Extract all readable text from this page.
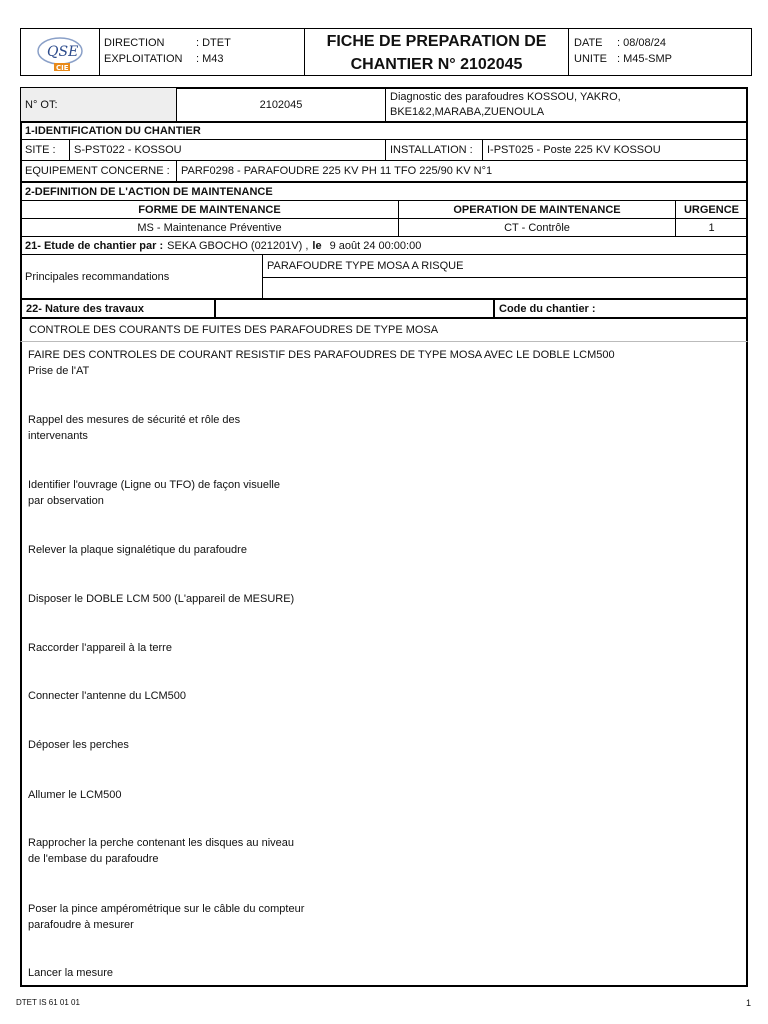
QSE
CIE
DIRECTION	: DTET
EXPLOITATION : M43
FICHE DE PREPARATION DE
CHANTIER N° 2102045
DATE : 08/08/24
UNITE : M45-SMP
N° OT:	2102045
Diagnostic des parafoudres KOSSOU, YAKRO,
BKE1&2,MARABA,ZUENOULA
1-IDENTIFICATION DU CHANTIER
SITE : S-PST022 - KOSSOU	INSTALLATION : I-PST025 - Poste 225 KV KOSSOU
EQUIPEMENT CONCERNE : PARF0298 - PARAFOUDRE 225 KV PH 11 TFO 225/90 KV N°1
2-DEFINITION DE L'ACTION DE MAINTENANCE
FORME DE MAINTENANCE	OPERATION DE MAINTENANCE	URGENCE
MS - Maintenance Préventive	CT - Contrôle	1
21- Etude de chantier par : SEKA GBOCHO (021201V) , le 9 août 24 00:00:00
Principales recommandations
PARAFOUDRE TYPE MOSA A RISQUE
22- Nature des travaux	Code du chantier :
CONTROLE DES COURANTS DE FUITES DES PARAFOUDRES DE TYPE MOSA
FAIRE DES CONTROLES DE COURANT RESISTIF DES PARAFOUDRES DE TYPE MOSA AVEC LE DOBLE LCM500
Prise de l'AT
Rappel des mesures de sécurité et rôle des
intervenants
Identifier l'ouvrage (Ligne ou TFO) de façon visuelle
par observation
Relever la plaque signalétique du parafoudre
Disposer le DOBLE LCM 500 (L'appareil de MESURE)
Raccorder l'appareil à la terre
Connecter l'antenne du LCM500
Déposer les perches
Allumer le LCM500
Rapprocher la perche contenant les disques au niveau
de l'embase du parafoudre
Poser la pince ampérométrique sur le câble du compteur
parafoudre à mesurer
Lancer la mesure
DTET IS 61 01 01	1
